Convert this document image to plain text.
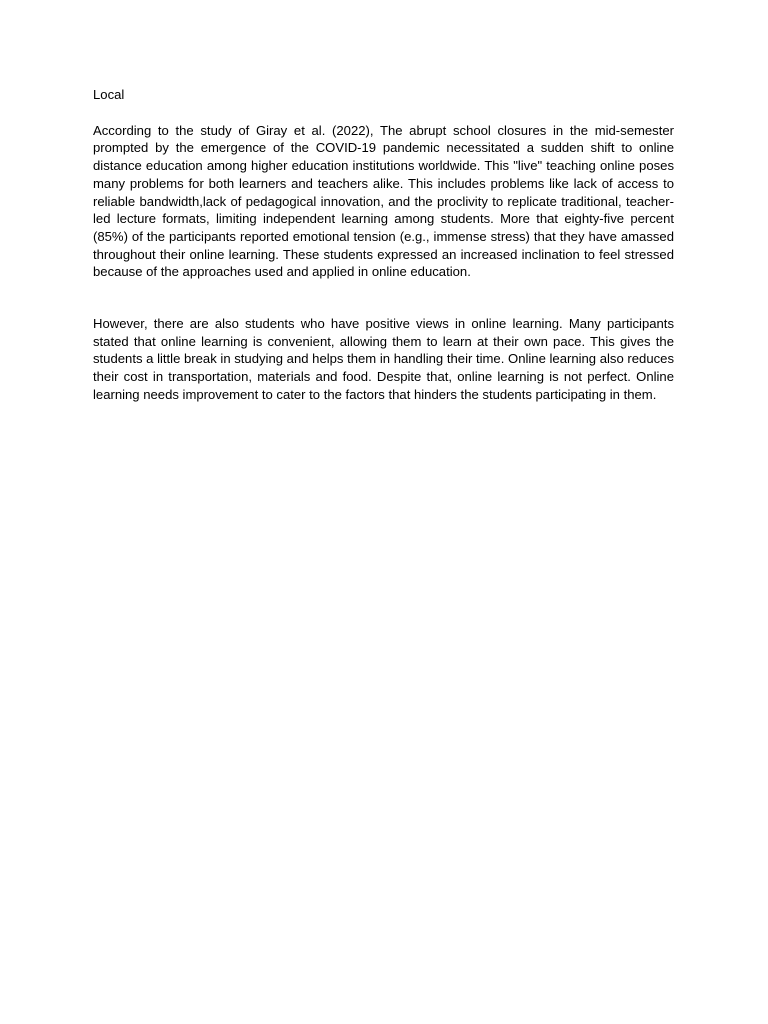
Local

According to the study of Giray et al. (2022), The abrupt school closures in the mid-semester prompted by the emergence of the COVID-19 pandemic necessitated a sudden shift to online distance education among higher education institutions worldwide. This "live" teaching online poses many problems for both learners and teachers alike. This includes problems like lack of access to reliable bandwidth,lack of pedagogical innovation, and the proclivity to replicate traditional, teacher-led lecture formats, limiting independent learning among students. More that eighty-five percent (85%) of the participants reported emotional tension (e.g., immense stress) that they have amassed throughout their online learning. These students expressed an increased inclination to feel stressed because of the approaches used and applied in online education.

However, there are also students who have positive views in online learning. Many participants stated that online learning is convenient, allowing them to learn at their own pace. This gives the students a little break in studying and helps them in handling their time. Online learning also reduces their cost in transportation, materials and food. Despite that, online learning is not perfect. Online learning needs improvement to cater to the factors that hinders the students participating in them.
